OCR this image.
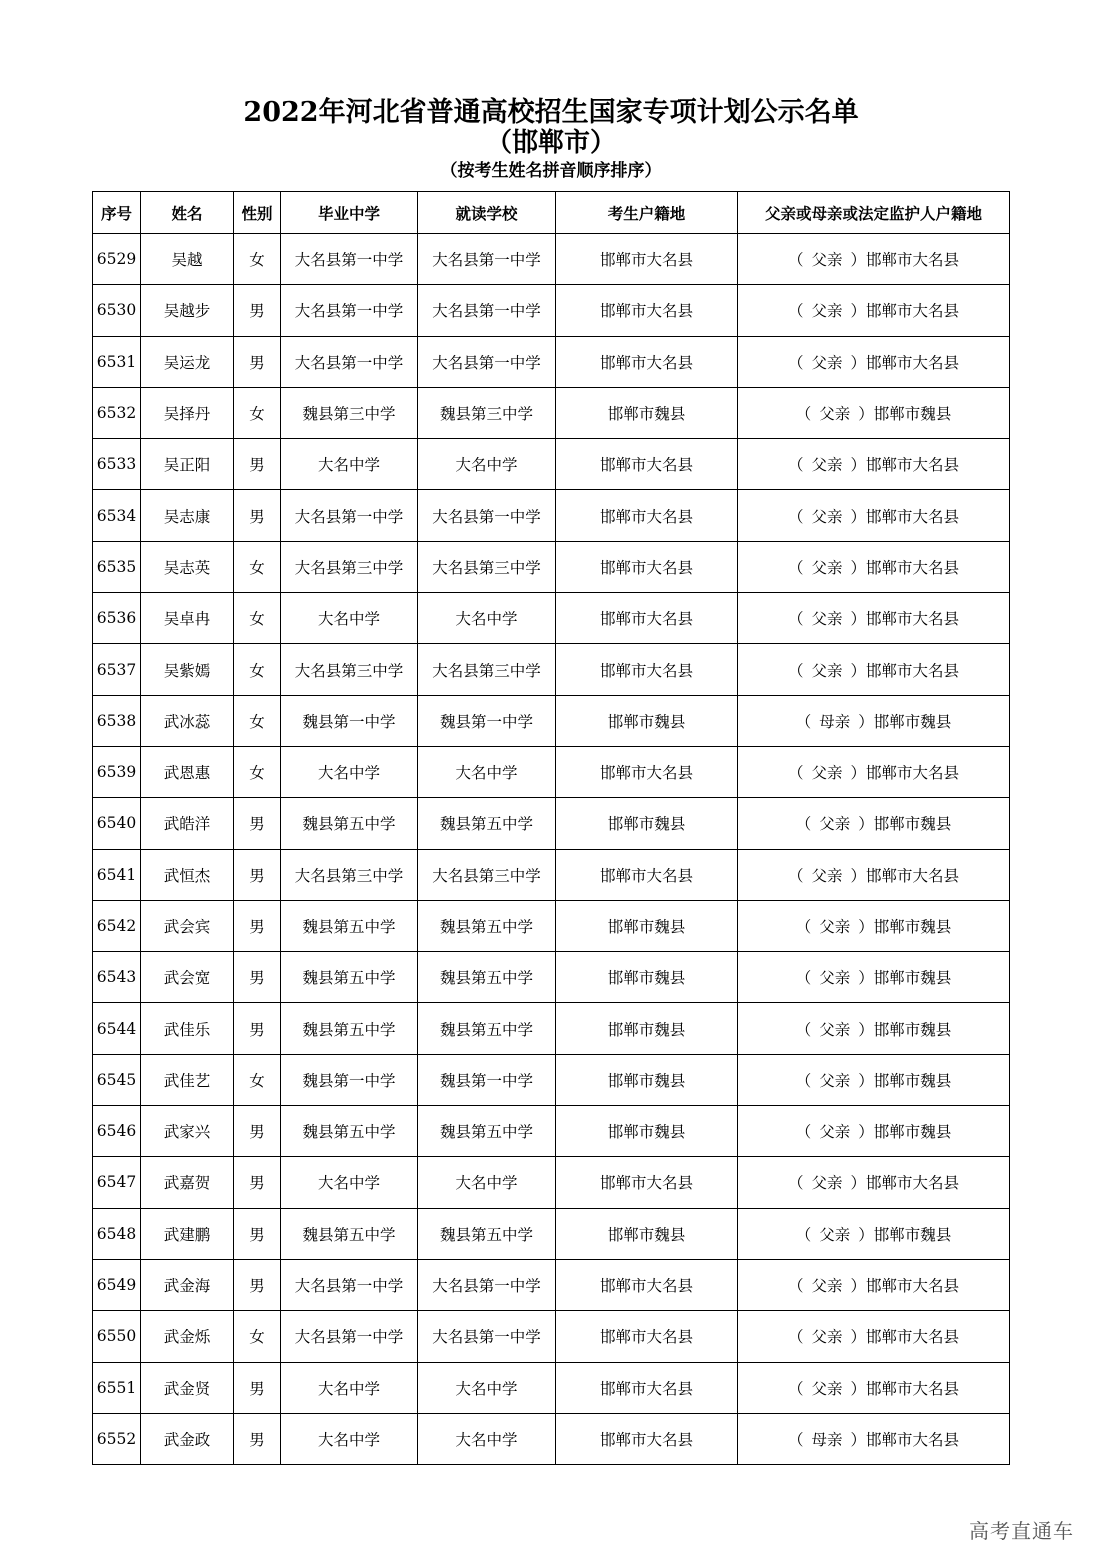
2022年河北省普通高校招生国家专项计划公示名单
（邯郸市）
（按考生姓名拼音顺序排序）
序号	姓名	性别	毕业中学	就读学校	考生户籍地	父亲或母亲或法定监护人户籍地
6529	吴越	女	大名县第一中学	大名县第一中学	邯郸市大名县	（ 父亲 ）邯郸市大名县
6530	吴越步	男	大名县第一中学	大名县第一中学	邯郸市大名县	（ 父亲 ）邯郸市大名县
6531	吴运龙	男	大名县第一中学	大名县第一中学	邯郸市大名县	（ 父亲 ）邯郸市大名县
6532	吴择丹	女	魏县第三中学	魏县第三中学	邯郸市魏县	（ 父亲 ）邯郸市魏县
6533	吴正阳	男	大名中学	大名中学	邯郸市大名县	（ 父亲 ）邯郸市大名县
6534	吴志康	男	大名县第一中学	大名县第一中学	邯郸市大名县	（ 父亲 ）邯郸市大名县
6535	吴志英	女	大名县第三中学	大名县第三中学	邯郸市大名县	（ 父亲 ）邯郸市大名县
6536	吴卓冉	女	大名中学	大名中学	邯郸市大名县	（ 父亲 ）邯郸市大名县
6537	吴紫嫣	女	大名县第三中学	大名县第三中学	邯郸市大名县	（ 父亲 ）邯郸市大名县
6538	武冰蕊	女	魏县第一中学	魏县第一中学	邯郸市魏县	（ 母亲 ）邯郸市魏县
6539	武恩惠	女	大名中学	大名中学	邯郸市大名县	（ 父亲 ）邯郸市大名县
6540	武皓洋	男	魏县第五中学	魏县第五中学	邯郸市魏县	（ 父亲 ）邯郸市魏县
6541	武恒杰	男	大名县第三中学	大名县第三中学	邯郸市大名县	（ 父亲 ）邯郸市大名县
6542	武会宾	男	魏县第五中学	魏县第五中学	邯郸市魏县	（ 父亲 ）邯郸市魏县
6543	武会宽	男	魏县第五中学	魏县第五中学	邯郸市魏县	（ 父亲 ）邯郸市魏县
6544	武佳乐	男	魏县第五中学	魏县第五中学	邯郸市魏县	（ 父亲 ）邯郸市魏县
6545	武佳艺	女	魏县第一中学	魏县第一中学	邯郸市魏县	（ 父亲 ）邯郸市魏县
6546	武家兴	男	魏县第五中学	魏县第五中学	邯郸市魏县	（ 父亲 ）邯郸市魏县
6547	武嘉贺	男	大名中学	大名中学	邯郸市大名县	（ 父亲 ）邯郸市大名县
6548	武建鹏	男	魏县第五中学	魏县第五中学	邯郸市魏县	（ 父亲 ）邯郸市魏县
6549	武金海	男	大名县第一中学	大名县第一中学	邯郸市大名县	（ 父亲 ）邯郸市大名县
6550	武金烁	女	大名县第一中学	大名县第一中学	邯郸市大名县	（ 父亲 ）邯郸市大名县
6551	武金贤	男	大名中学	大名中学	邯郸市大名县	（ 父亲 ）邯郸市大名县
6552	武金政	男	大名中学	大名中学	邯郸市大名县	（ 母亲 ）邯郸市大名县
高考直通车
